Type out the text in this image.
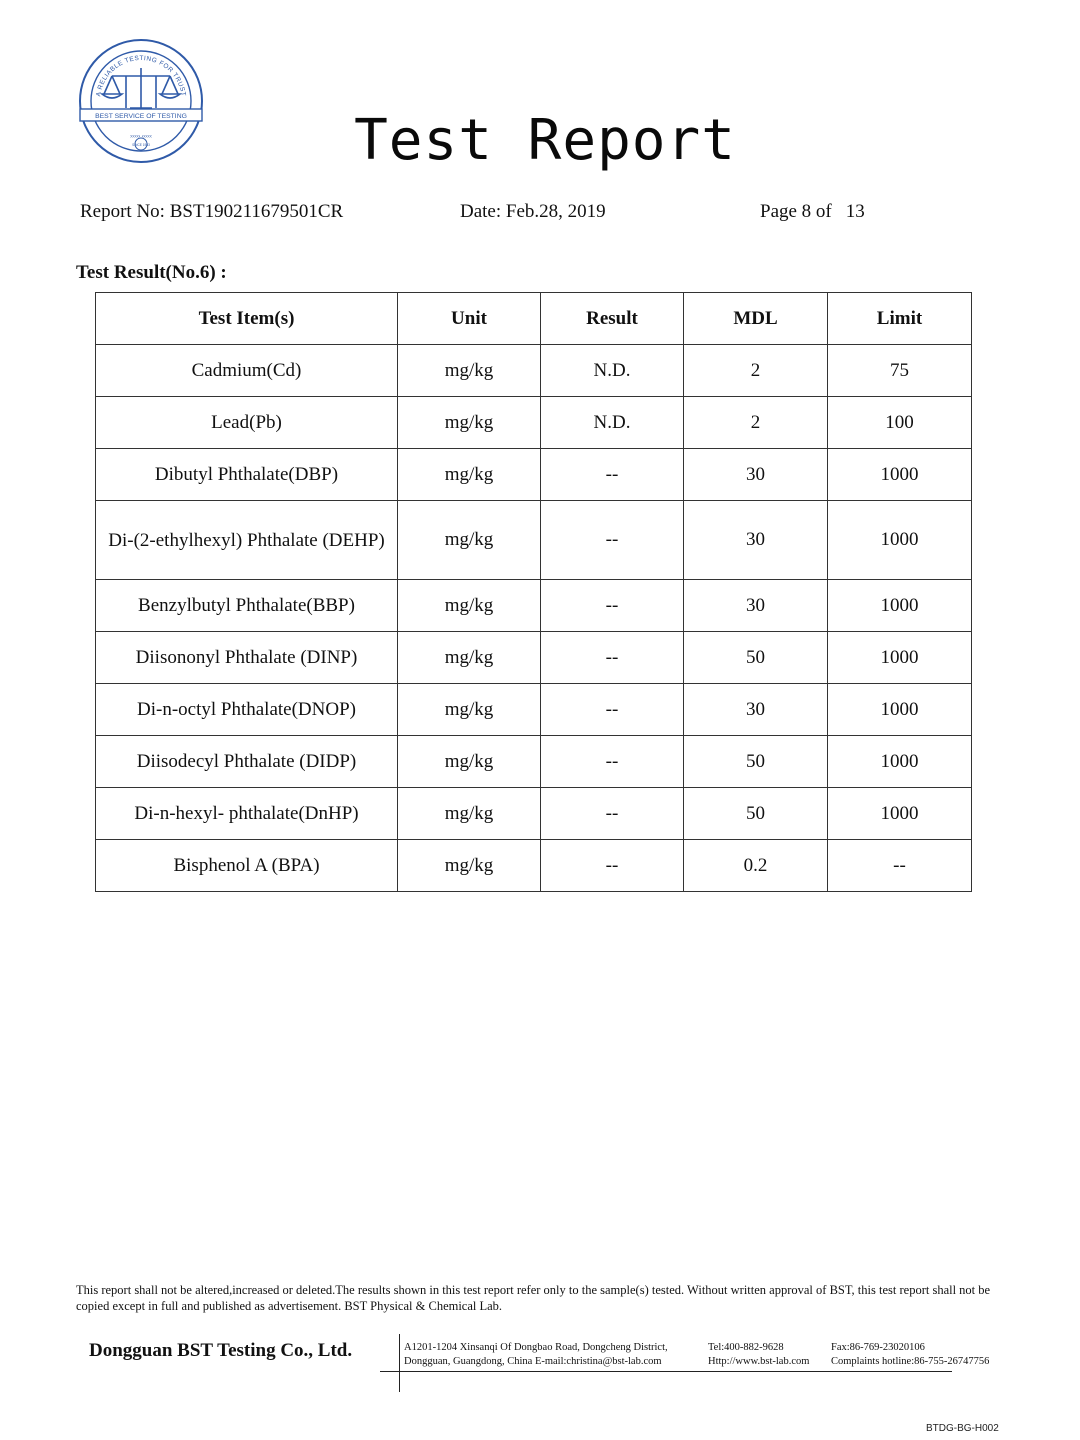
A RELIABLE TESTING FOR TRUST
BEST SERVICE OF TESTING
››››› ‹‹‹‹‹
SINCE 1983	Test Report
Report No: BST190211679501CR	Date: Feb.28, 2019	Page 8 of 13
Test Result(No.6) :
Test Item(s)	Unit	Result	MDL	Limit
Cadmium(Cd)	mg/kg	N.D.	2	75
Lead(Pb)	mg/kg	N.D.	2	100
Dibutyl Phthalate(DBP)	mg/kg	--	30	1000
Di-(2-ethylhexyl) Phthalate (DEHP)	mg/kg	--	30	1000
Benzylbutyl Phthalate(BBP)	mg/kg	--	30	1000
Diisononyl Phthalate (DINP)	mg/kg	--	50	1000
Di-n-octyl Phthalate(DNOP)	mg/kg	--	30	1000
Diisodecyl Phthalate (DIDP)	mg/kg	--	50	1000
Di-n-hexyl- phthalate(DnHP)	mg/kg	--	50	1000
Bisphenol A (BPA)	mg/kg	--	0.2	--
This report shall not be altered,increased or deleted.The results shown in this test report refer only to the sample(s) tested. Without written approval of BST, this test report shall not be copied except in full and published as advertisement. BST Physical & Chemical Lab.
Dongguan BST Testing Co., Ltd.	A1201-1204 Xinsanqi Of Dongbao Road, Dongcheng District,
Dongguan, Guangdong, China E-mail:christina@bst-lab.com
Tel:400-882-9628
Http://www.bst-lab.com
Fax:86-769-23020106
Complaints hotline:86-755-26747756
BTDG-BG-H002
